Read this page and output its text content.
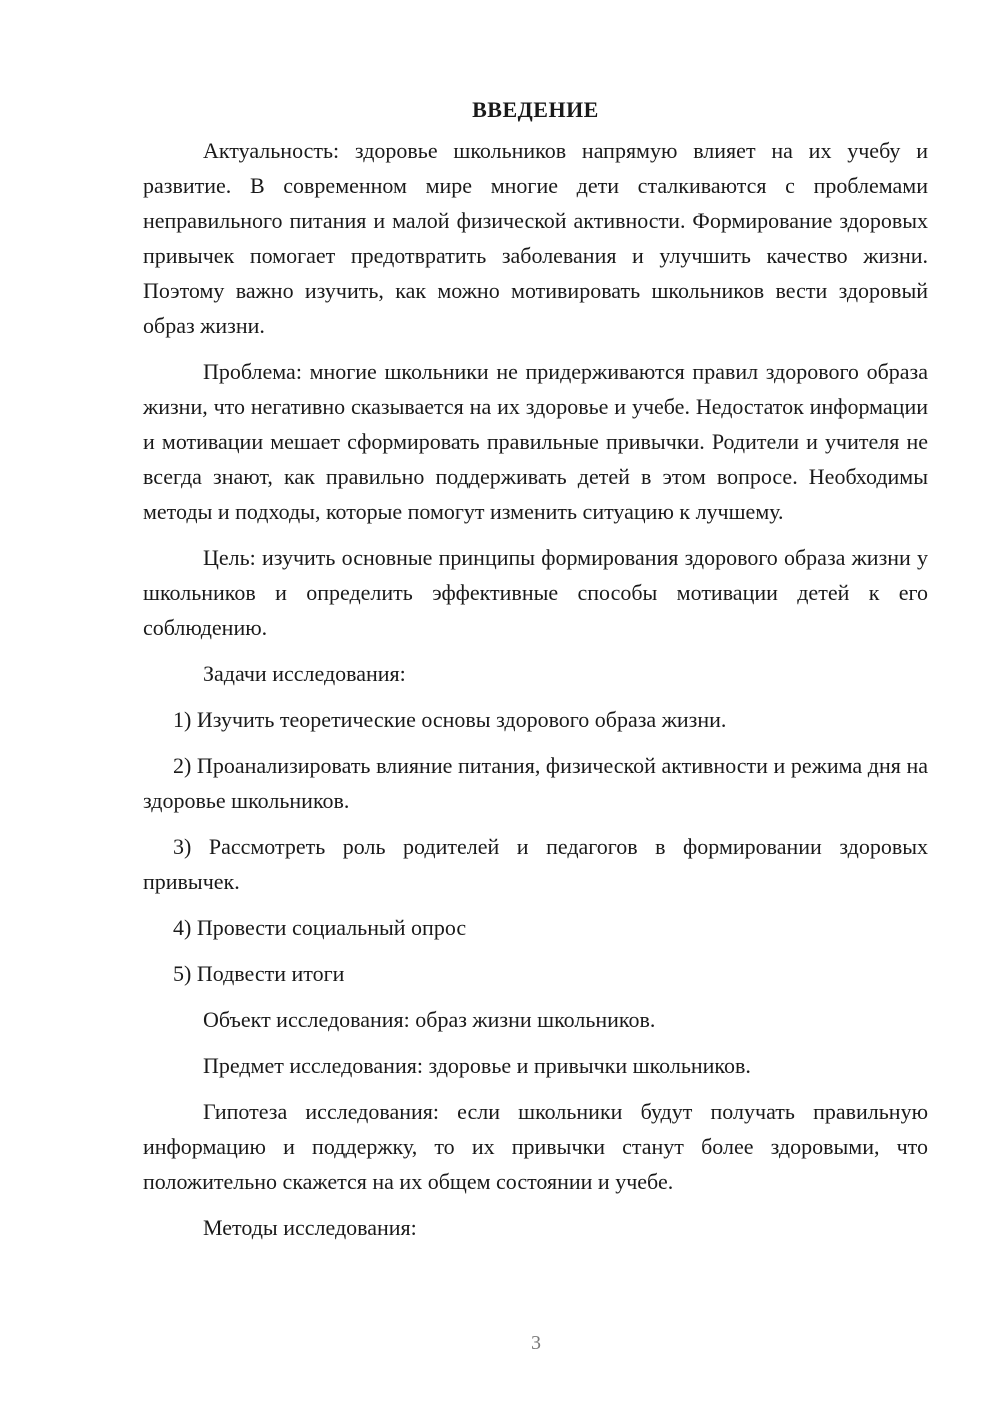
ВВЕДЕНИЕ

Актуальность: здоровье школьников напрямую влияет на их учебу и развитие. В современном мире многие дети сталкиваются с проблемами неправильного питания и малой физической активности. Формирование здоровых привычек помогает предотвратить заболевания и улучшить качество жизни. Поэтому важно изучить, как можно мотивировать школьников вести здоровый образ жизни.

Проблема: многие школьники не придерживаются правил здорового образа жизни, что негативно сказывается на их здоровье и учебе. Недостаток информации и мотивации мешает сформировать правильные привычки. Родители и учителя не всегда знают, как правильно поддерживать детей в этом вопросе. Необходимы методы и подходы, которые помогут изменить ситуацию к лучшему.

Цель: изучить основные принципы формирования здорового образа жизни у школьников и определить эффективные способы мотивации детей к его соблюдению.

Задачи исследования:

1) Изучить теоретические основы здорового образа жизни.

2) Проанализировать влияние питания, физической активности и режима дня на здоровье школьников.

3) Рассмотреть роль родителей и педагогов в формировании здоровых привычек.

4) Провести социальный опрос

5) Подвести итоги

Объект исследования: образ жизни школьников.

Предмет исследования: здоровье и привычки школьников.

Гипотеза исследования: если школьники будут получать правильную информацию и поддержку, то их привычки станут более здоровыми, что положительно скажется на их общем состоянии и учебе.

Методы исследования:

3
